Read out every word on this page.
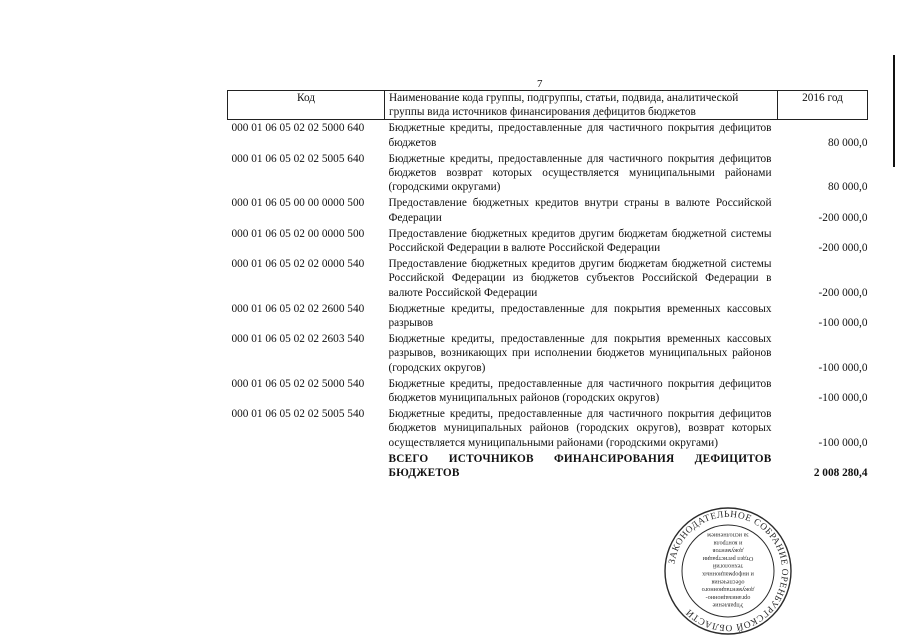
7
Код	Наименование кода группы, подгруппы, статьи, подвида, аналитической группы вида источников финансирования дефицитов бюджетов	2016 год
000 01 06 05 02 02 5000 640	Бюджетные кредиты, предоставленные для частичного покрытия дефицитов бюджетов	80 000,0
000 01 06 05 02 02 5005 640	Бюджетные кредиты, предоставленные для частичного покрытия дефицитов бюджетов возврат которых осуществляется муниципальными районами (городскими округами)	80 000,0
000 01 06 05 00 00 0000 500	Предоставление бюджетных кредитов внутри страны в валюте Российской Федерации	-200 000,0
000 01 06 05 02 00 0000 500	Предоставление бюджетных кредитов другим бюджетам бюджетной системы Российской Федерации в валюте Российской Федерации	-200 000,0
000 01 06 05 02 02 0000 540	Предоставление бюджетных кредитов другим бюджетам бюджетной системы Российской Федерации из бюджетов субъектов Российской Федерации в валюте Российской Федерации	-200 000,0
000 01 06 05 02 02 2600 540	Бюджетные кредиты, предоставленные для покрытия временных кассовых разрывов	-100 000,0
000 01 06 05 02 02 2603 540	Бюджетные кредиты, предоставленные для покрытия временных кассовых разрывов, возникающих при исполнении бюджетов муниципальных районов (городских округов)	-100 000,0
000 01 06 05 02 02 5000 540	Бюджетные кредиты, предоставленные для частичного покрытия дефицитов бюджетов муниципальных районов (городских округов)	-100 000,0
000 01 06 05 02 02 5005 540	Бюджетные кредиты, предоставленные для частичного покрытия дефицитов бюджетов муниципальных районов (городских округов), возврат которых осуществляется муниципальными районами (городскими округами)	-100 000,0
	ВСЕГО ИСТОЧНИКОВ ФИНАНСИРОВАНИЯ ДЕФИЦИТОВ БЮДЖЕТОВ	2 008 280,4
ЗАКОНОДАТЕЛЬНОЕ СОБРАНИЕ ОРЕНБУРГСКОЙ ОБЛАСТИ
Управление
организационно-
документационного
обеспечения
и информационных
технологий
Отдел регистрации
документов
и контроля
за исполнением
